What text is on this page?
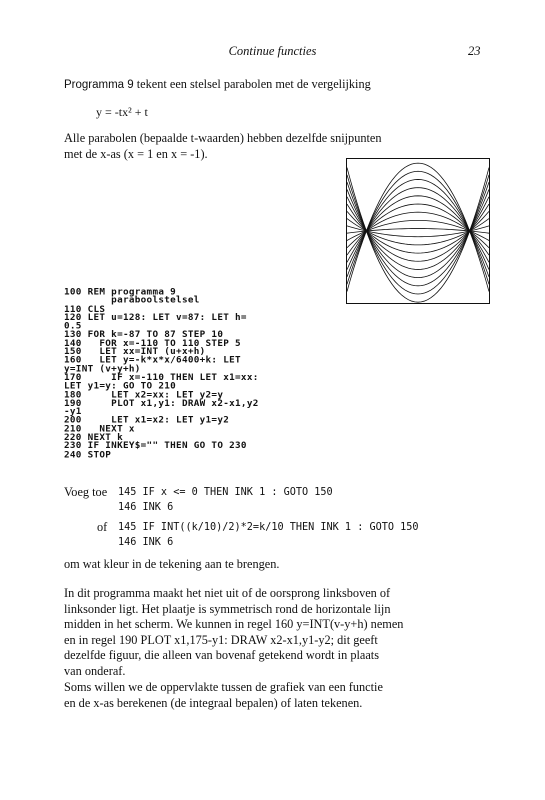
Continue functies	23
Programma 9 tekent een stelsel parabolen met de vergelijking
y = -tx² + t
Alle parabolen (bepaalde t-waarden) hebben dezelfde snijpunten
met de x-as (x = 1 en x = -1).
100 REM programma 9
paraboolstelsel
110 CLS
120 LET u=128: LET v=87: LET h=
0.5
130 FOR k=-87 TO 87 STEP 10
140   FOR x=-110 TO 110 STEP 5
150   LET xx=INT (u+x+h)
160   LET y=-k*x*x/6400+k: LET
y=INT (v+y+h)
170     IF x=-110 THEN LET x1=xx:
LET y1=y: GO TO 210
180     LET x2=xx: LET y2=y
190     PLOT x1,y1: DRAW x2-x1,y2
-y1
200     LET x1=x2: LET y1=y2
210   NEXT x
220 NEXT k
230 IF INKEY$="" THEN GO TO 230
240 STOP
Voeg toe 145 IF x <= 0 THEN INK 1 : GOTO 150
146 INK 6
of 145 IF INT((k/10)/2)*2=k/10 THEN INK 1 : GOTO 150
146 INK 6
om wat kleur in de tekening aan te brengen.
In dit programma maakt het niet uit of de oorsprong linksboven of
linksonder ligt. Het plaatje is symmetrisch rond de horizontale lijn
midden in het scherm. We kunnen in regel 160 y=INT(v-y+h) nemen
en in regel 190 PLOT x1,175-y1: DRAW x2-x1,y1-y2; dit geeft
dezelfde figuur, die alleen van bovenaf getekend wordt in plaats
van onderaf.
Soms willen we de oppervlakte tussen de grafiek van een functie
en de x-as berekenen (de integraal bepalen) of laten tekenen.
